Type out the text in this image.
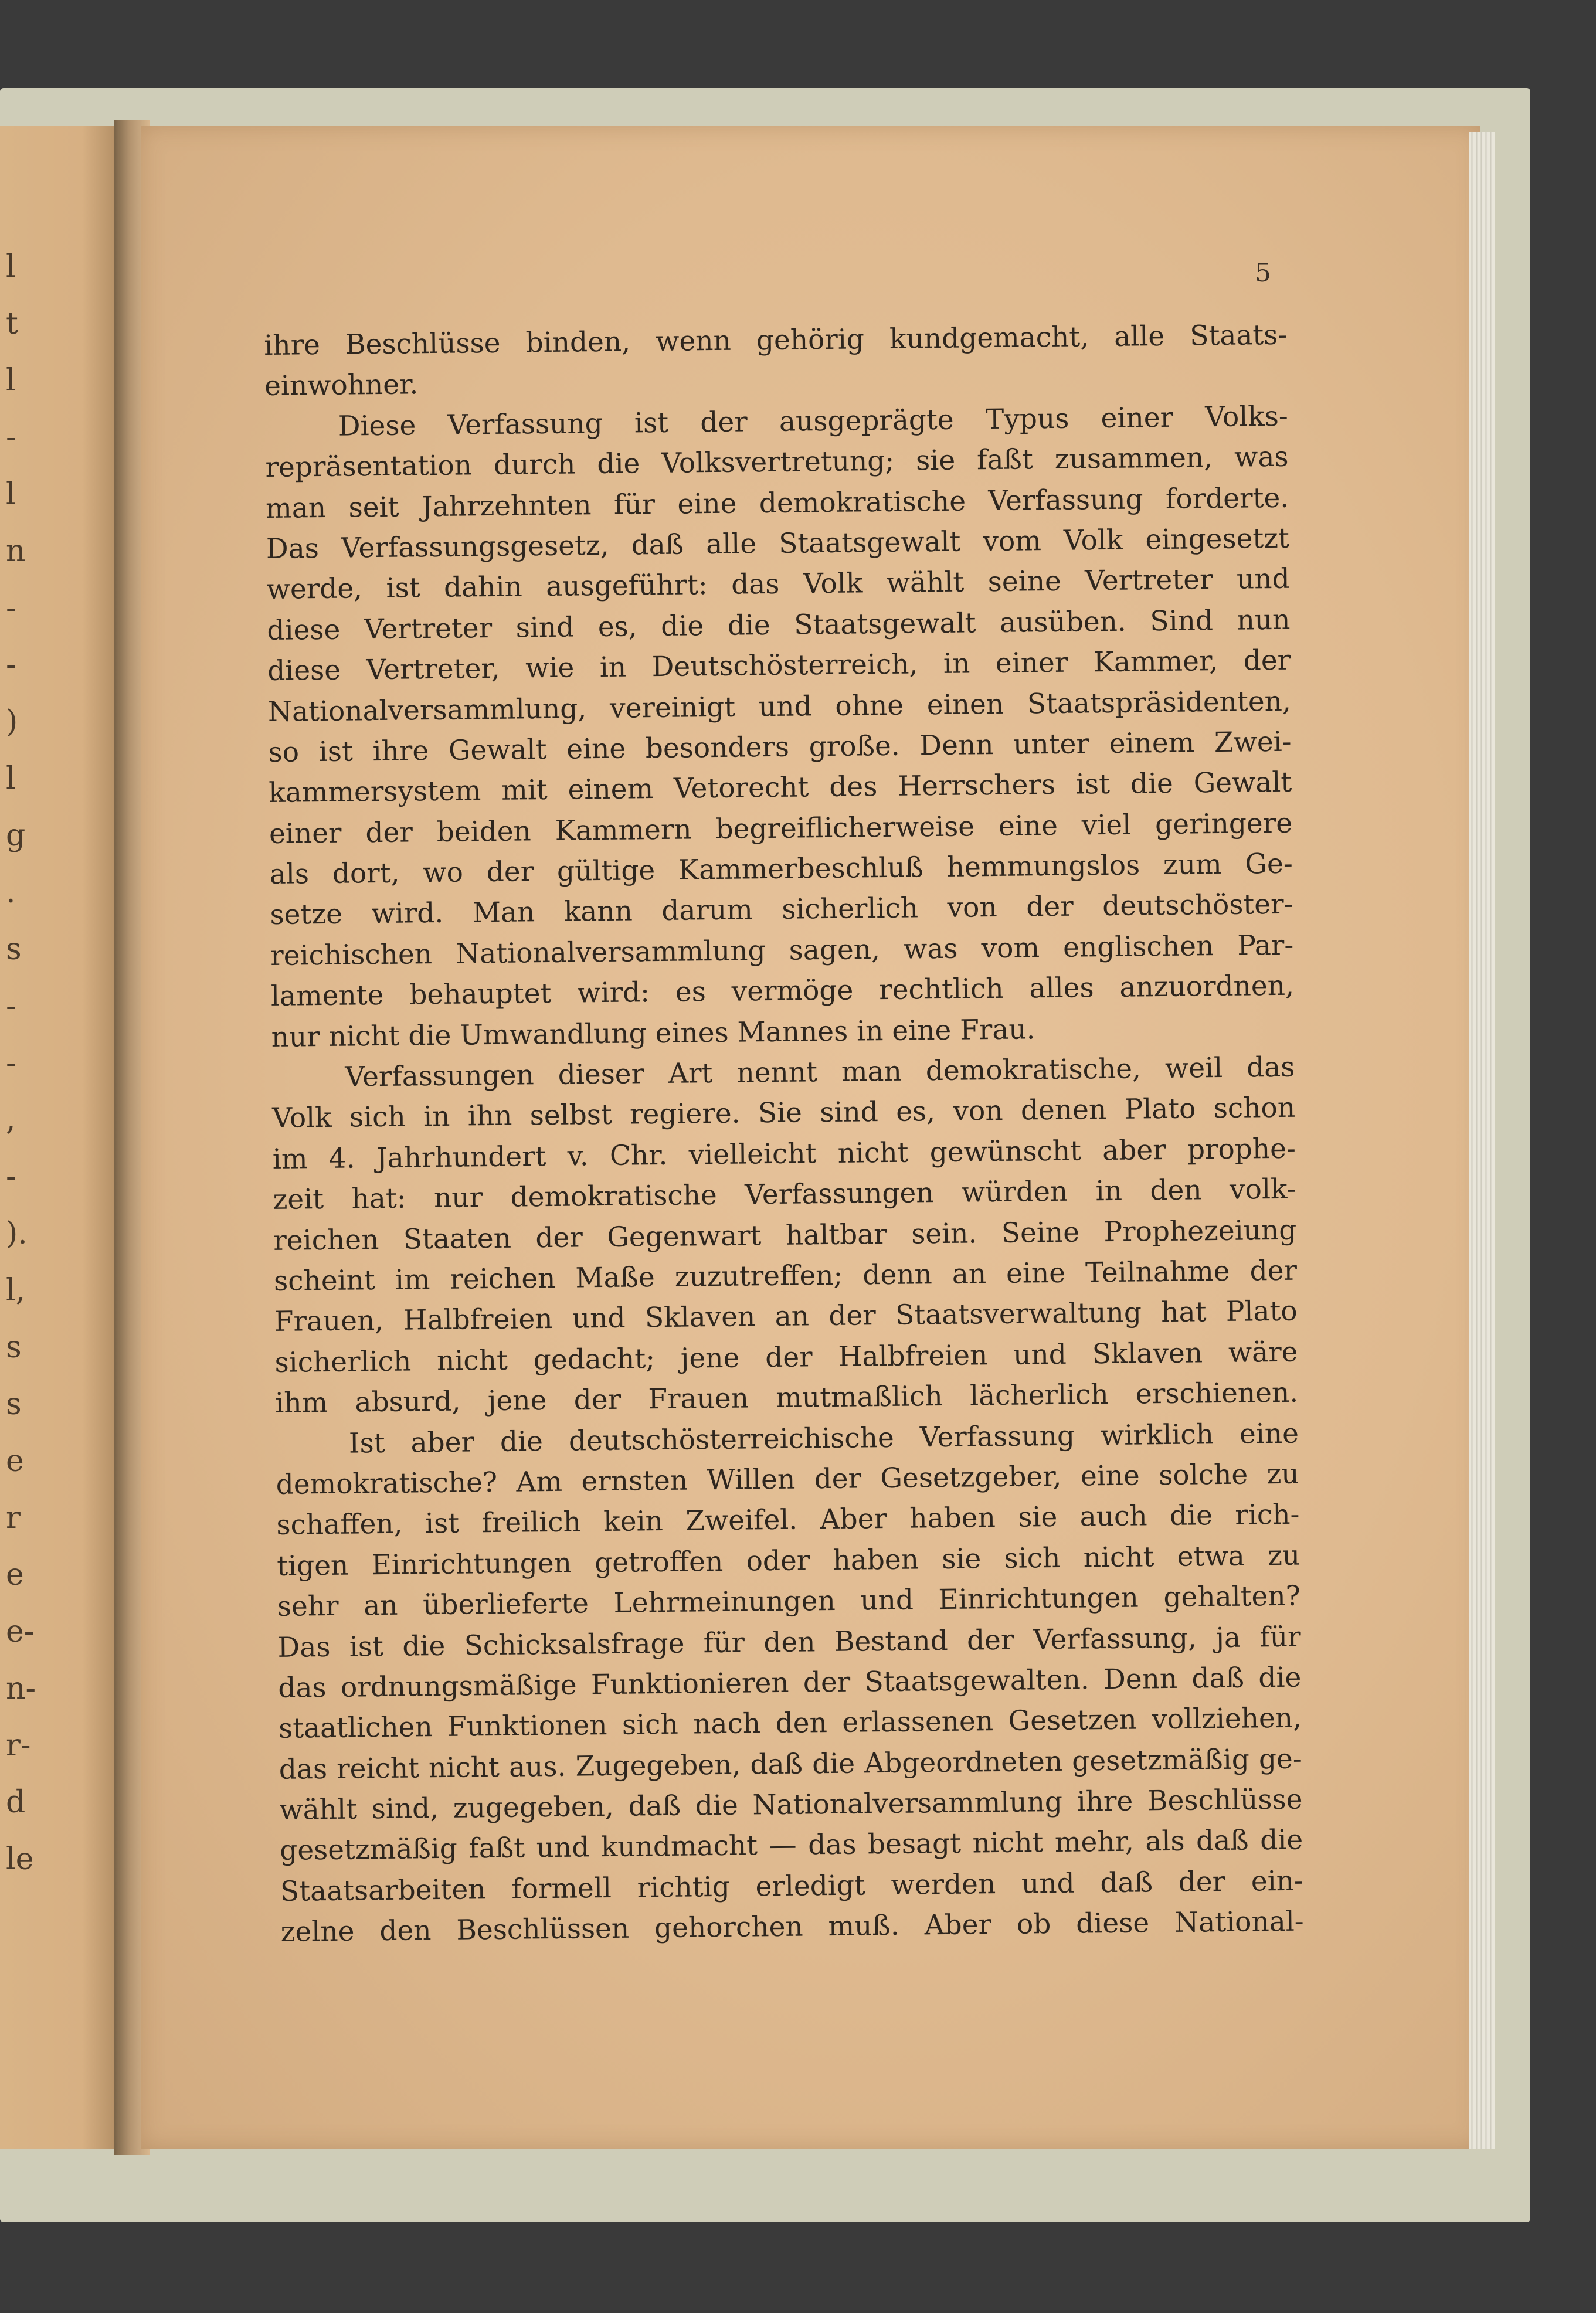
l
t
l
-
l
n
-
-
)
l
g
.
s
-
-
,
-
).
l,
s
s
e
r
e
e-
n-
r-
d
le
5
ihre Beschlüsse binden, wenn gehörig kundgemacht, alle Staats-
einwohner.
Diese Verfassung ist der ausgeprägte Typus einer Volks-
repräsentation durch die Volksvertretung; sie faßt zusammen, was
man seit Jahrzehnten für eine demokratische Verfassung forderte.
Das Verfassungsgesetz, daß alle Staatsgewalt vom Volk eingesetzt
werde, ist dahin ausgeführt: das Volk wählt seine Vertreter und
diese Vertreter sind es, die die Staatsgewalt ausüben. Sind nun
diese Vertreter, wie in Deutschösterreich, in einer Kammer, der
Nationalversammlung, vereinigt und ohne einen Staatspräsidenten,
so ist ihre Gewalt eine besonders große. Denn unter einem Zwei-
kammersystem mit einem Vetorecht des Herrschers ist die Gewalt
einer der beiden Kammern begreiflicherweise eine viel geringere
als dort, wo der gültige Kammerbeschluß hemmungslos zum Ge-
setze wird. Man kann darum sicherlich von der deutschöster-
reichischen Nationalversammlung sagen, was vom englischen Par-
lamente behauptet wird: es vermöge rechtlich alles anzuordnen,
nur nicht die Umwandlung eines Mannes in eine Frau.
Verfassungen dieser Art nennt man demokratische, weil das
Volk sich in ihn selbst regiere. Sie sind es, von denen Plato schon
im 4. Jahrhundert v. Chr. vielleicht nicht gewünscht aber prophe-
zeit hat: nur demokratische Verfassungen würden in den volk-
reichen Staaten der Gegenwart haltbar sein. Seine Prophezeiung
scheint im reichen Maße zuzutreffen; denn an eine Teilnahme der
Frauen, Halbfreien und Sklaven an der Staatsverwaltung hat Plato
sicherlich nicht gedacht; jene der Halbfreien und Sklaven wäre
ihm absurd, jene der Frauen mutmaßlich lächerlich erschienen.
Ist aber die deutschösterreichische Verfassung wirklich eine
demokratische? Am ernsten Willen der Gesetzgeber, eine solche zu
schaffen, ist freilich kein Zweifel. Aber haben sie auch die rich-
tigen Einrichtungen getroffen oder haben sie sich nicht etwa zu
sehr an überlieferte Lehrmeinungen und Einrichtungen gehalten?
Das ist die Schicksalsfrage für den Bestand der Verfassung, ja für
das ordnungsmäßige Funktionieren der Staatsgewalten. Denn daß die
staatlichen Funktionen sich nach den erlassenen Gesetzen vollziehen,
das reicht nicht aus. Zugegeben, daß die Abgeordneten gesetzmäßig ge-
wählt sind, zugegeben, daß die Nationalversammlung ihre Beschlüsse
gesetzmäßig faßt und kundmacht — das besagt nicht mehr, als daß die
Staatsarbeiten formell richtig erledigt werden und daß der ein-
zelne den Beschlüssen gehorchen muß. Aber ob diese National-
